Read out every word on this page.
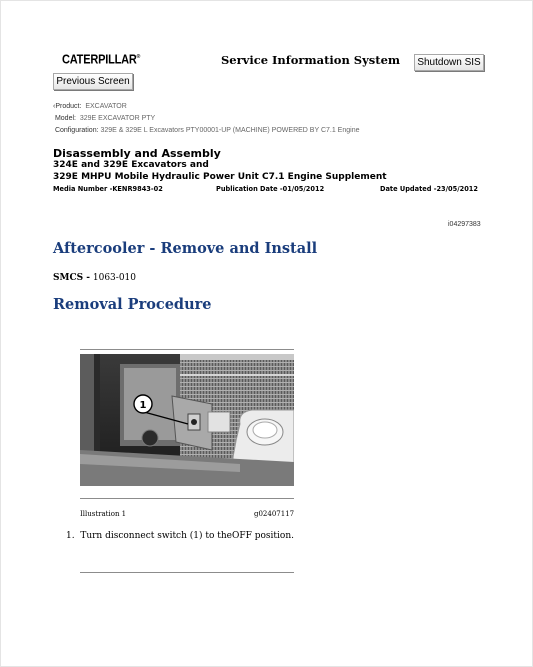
CATERPILLAR®	Service Information System	Shutdown SIS
Previous Screen
‹Product: EXCAVATOR
Model: 329E EXCAVATOR PTY
Configuration: 329E & 329E L Excavators PTY00001-UP (MACHINE) POWERED BY C7.1 Engine
Disassembly and Assembly
324E and 329E Excavators and
329E MHPU Mobile Hydraulic Power Unit C7.1 Engine Supplement
Media Number -KENR9843-02	Publication Date -01/05/2012	Date Updated -23/05/2012
i04297383
Aftercooler - Remove and Install
SMCS - 1063-010
Removal Procedure
1
Illustration 1	g02407117
1. Turn disconnect switch (1) to theOFF position.
